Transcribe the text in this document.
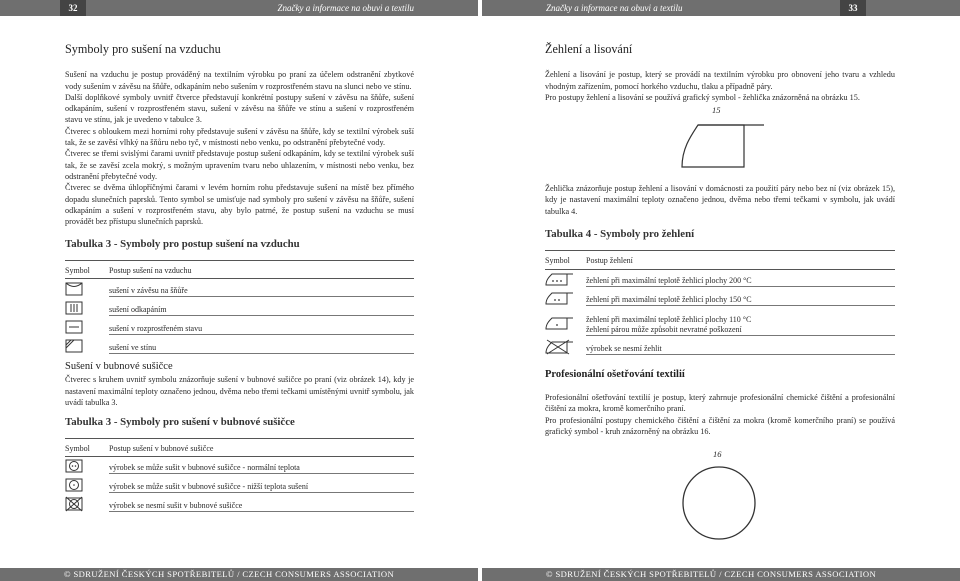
32	Značky a informace na obuvi a textilu	Značky a informace na obuvi a textilu	33
Symboly pro sušení na vzduchu

Sušení na vzduchu je postup prováděný na textilním výrobku po praní za účelem odstranění zbytkové vody sušením v závěsu na šňůře, odkapáním nebo sušením v rozprostřeném stavu na slunci nebo ve stínu.

Další doplňkové symboly uvnitř čtverce představují konkrétní postupy sušení v závěsu na šňůře, sušení odkapáním, sušení v rozprostřeném stavu, sušení v závěsu na šňůře ve stínu a sušení v rozprostřeném stavu ve stínu, jak je uvedeno v tabulce 3.

Čtverec s obloukem mezi horními rohy představuje sušení v závěsu na šňůře, kdy se textilní výrobek suší tak, že se zavěsí vlhký na šňůru nebo tyč, v místnosti nebo venku, po odstranění přebytečné vody.

Čtverec se třemi svislými čarami uvnitř představuje postup sušení odkapáním, kdy se textilní výrobek suší tak, že se zavěsí zcela mokrý, s možným upravením tvaru nebo uhlazením, v místnosti nebo venku, bez odstranění přebytečné vody.

Čtverec se dvěma úhlopříčnými čarami v levém horním rohu představuje sušení na místě bez přímého dopadu slunečních paprsků. Tento symbol se umisťuje nad symboly pro sušení v závěsu na šňůře, sušení odkapáním a sušení v rozprostřeném stavu, aby bylo patrné, že postup sušení na vzduchu se musí provádět bez přístupu slunečních paprsků.

Tabulka 3 - Symboly pro postup sušení na vzduchu
Symbol	Postup sušení na vzduchu
sušení v závěsu na šňůře
sušení odkapáním
sušení v rozprostřeném stavu
sušení ve stínu
Sušení v bubnové sušičce

Čtverec s kruhem uvnitř symbolu znázorňuje sušení v bubnové sušičce po praní (viz obrázek 14), kdy je nastavení maximální teploty označeno jednou, dvěma nebo třemi tečkami umístěnými uvnitř symbolu, jak uvádí tabulka 3.

Tabulka 3 - Symboly pro sušení v bubnové sušičce
Symbol	Postup sušení v bubnové sušičce
výrobek se může sušit v bubnové sušičce - normální teplota
výrobek se může sušit v bubnové sušičce - nižší teplota sušení
výrobek se nesmí sušit v bubnové sušičce
Žehlení a lisování

Žehlení a lisování je postup, který se provádí na textilním výrobku pro obnovení jeho tvaru a vzhledu vhodným zařízením, pomocí horkého vzduchu, tlaku a případně páry.

Pro postupy žehlení a lisování se používá grafický symbol - žehlička znázorněná na obrázku 15.

15

Žehlička znázorňuje postup žehlení a lisování v domácnosti za použití páry nebo bez ní (viz obrázek 15), kdy je nastavení maximální teploty označeno jednou, dvěma nebo třemi tečkami v symbolu, jak uvádí tabulka 4.

Tabulka 4 - Symboly pro žehlení
Symbol	Postup žehlení
žehlení při maximální teplotě žehlicí plochy 200 °C
žehlení při maximální teplotě žehlicí plochy 150 °C
žehlení při maximální teplotě žehlicí plochy 110 °C
žehlení párou může způsobit nevratné poškození
výrobek se nesmí žehlit
Profesionální ošetřování textilií

Profesionální ošetřování textilií je postup, který zahrnuje profesionální chemické čištění a profesionální čištění za mokra, kromě komerčního praní.

Pro profesionální postupy chemického čištění a čištění za mokra (kromě komerčního praní) se používá grafický symbol - kruh znázorněný na obrázku 16.

16
© SDRUŽENÍ ČESKÝCH SPOTŘEBITELŮ / CZECH CONSUMERS ASSOCIATION	© SDRUŽENÍ ČESKÝCH SPOTŘEBITELŮ / CZECH CONSUMERS ASSOCIATION
